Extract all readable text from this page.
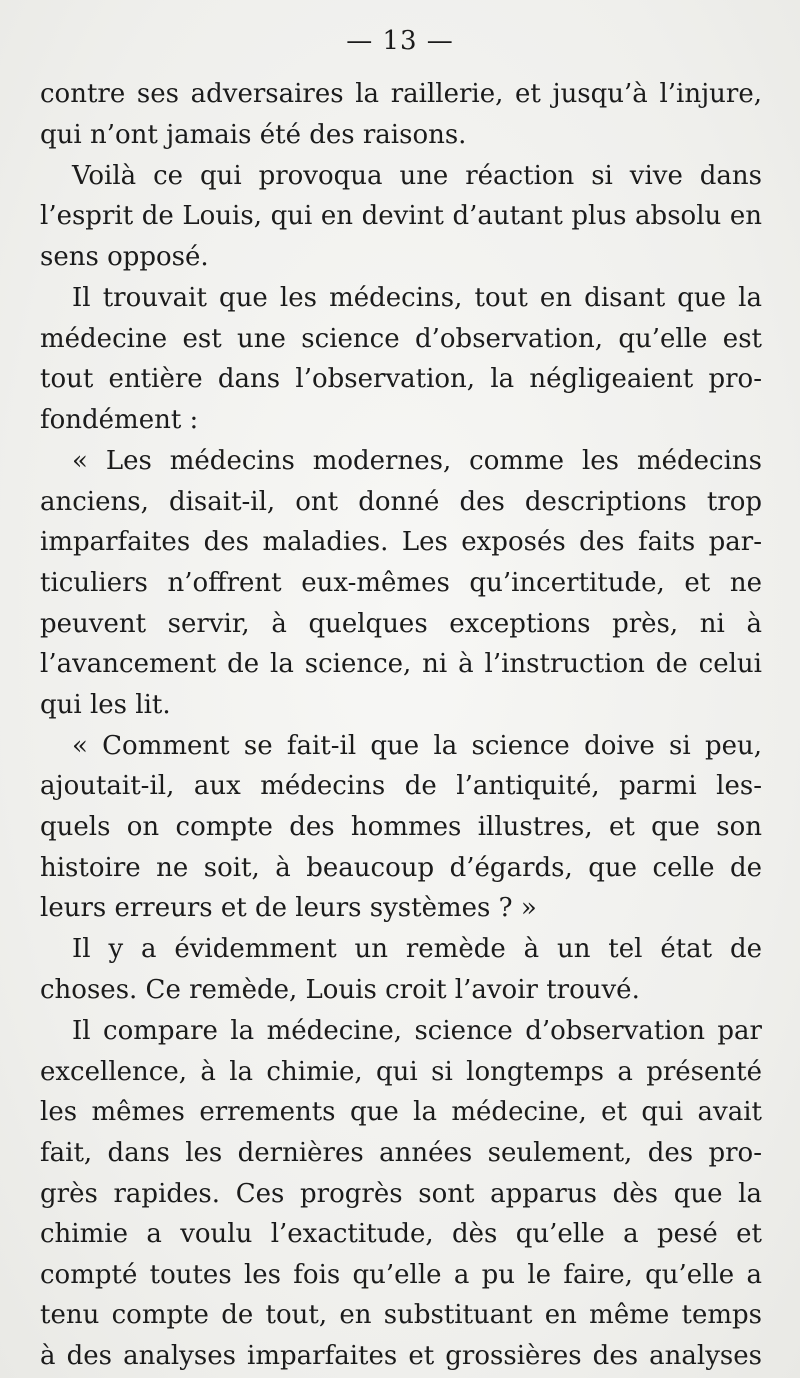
— 13 —
contre ses adversaires la raillerie, et jusqu’à l’injure,
qui n’ont jamais été des raisons.
Voilà ce qui provoqua une réaction si vive dans
l’esprit de Louis, qui en devint d’autant plus absolu en
sens opposé.
Il trouvait que les médecins, tout en disant que la
médecine est une science d’observation, qu’elle est
tout entière dans l’observation, la négligeaient pro-
fondément :
« Les médecins modernes, comme les médecins
anciens, disait-il, ont donné des descriptions trop
imparfaites des maladies. Les exposés des faits par-
ticuliers n’offrent eux-mêmes qu’incertitude, et ne
peuvent servir, à quelques exceptions près, ni à
l’avancement de la science, ni à l’instruction de celui
qui les lit.
« Comment se fait-il que la science doive si peu,
ajoutait-il, aux médecins de l’antiquité, parmi les-
quels on compte des hommes illustres, et que son
histoire ne soit, à beaucoup d’égards, que celle de
leurs erreurs et de leurs systèmes ? »
Il y a évidemment un remède à un tel état de
choses. Ce remède, Louis croit l’avoir trouvé.
Il compare la médecine, science d’observation par
excellence, à la chimie, qui si longtemps a présenté
les mêmes errements que la médecine, et qui avait
fait, dans les dernières années seulement, des pro-
grès rapides. Ces progrès sont apparus dès que la
chimie a voulu l’exactitude, dès qu’elle a pesé et
compté toutes les fois qu’elle a pu le faire, qu’elle a
tenu compte de tout, en substituant en même temps
à des analyses imparfaites et grossières des analyses
